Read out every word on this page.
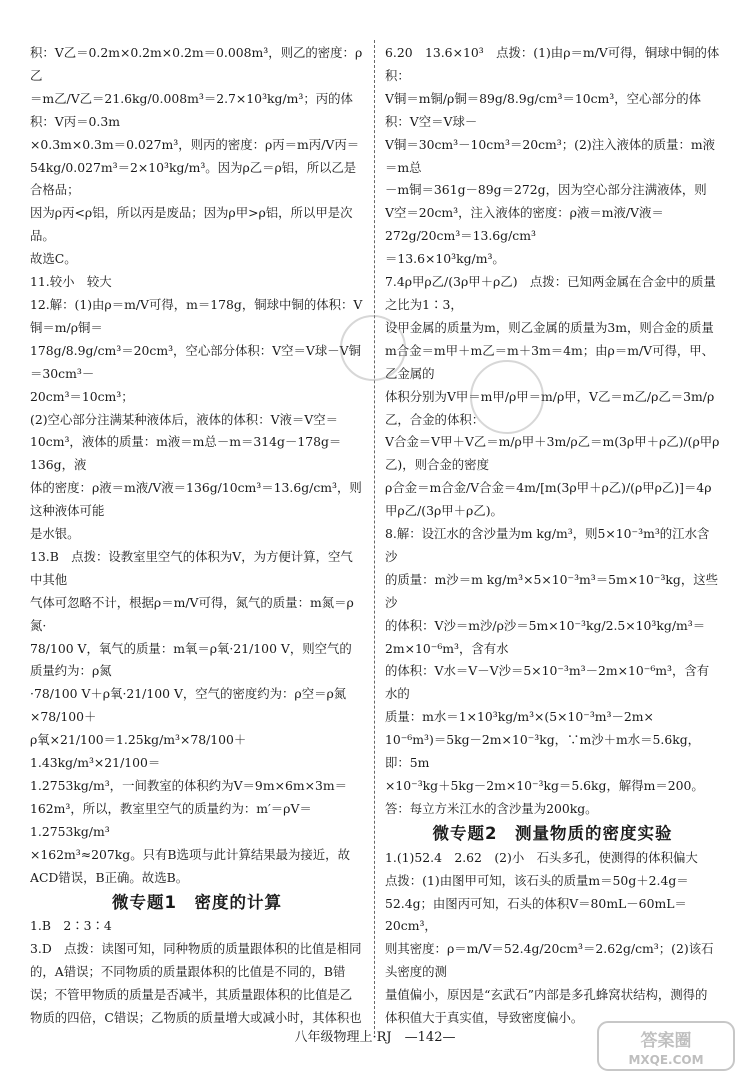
积：V乙＝0.2m×0.2m×0.2m＝0.008m³，则乙的密度：ρ乙
＝m乙/V乙＝21.6kg/0.008m³＝2.7×10³kg/m³；丙的体积：V丙＝0.3m
×0.3m×0.3m＝0.027m³，则丙的密度：ρ丙＝m丙/V丙＝
54kg/0.027m³＝2×10³kg/m³。因为ρ乙＝ρ铝，所以乙是合格品；
因为ρ丙<ρ铝，所以丙是废品；因为ρ甲>ρ铝，所以甲是次品。
故选C。
11.较小　较大
12.解：(1)由ρ＝m/V可得，m＝178g，铜球中铜的体积：V铜＝m/ρ铜＝
178g/8.9g/cm³＝20cm³，空心部分体积：V空＝V球－V铜＝30cm³－
20cm³＝10cm³；
(2)空心部分注满某种液体后，液体的体积：V液＝V空＝
10cm³，液体的质量：m液＝m总－m＝314g－178g＝136g，液
体的密度：ρ液＝m液/V液＝136g/10cm³＝13.6g/cm³，则这种液体可能
是水银。
13.B　点拨：设教室里空气的体积为V，为方便计算，空气中其他
气体可忽略不计，根据ρ＝m/V可得，氮气的质量：m氮＝ρ氮·
78/100 V，氧气的质量：m氧＝ρ氧·21/100 V，则空气的质量约为：ρ氮
·78/100 V＋ρ氧·21/100 V，空气的密度约为：ρ空＝ρ氮×78/100＋
ρ氧×21/100＝1.25kg/m³×78/100＋1.43kg/m³×21/100＝
1.2753kg/m³，一间教室的体积约为V＝9m×6m×3m＝
162m³，所以，教室里空气的质量约为：m′＝ρV＝1.2753kg/m³
×162m³≈207kg。只有B选项与此计算结果最为接近，故
ACD错误，B正确。故选B。
微专题1　密度的计算
1.B　2∶3∶4
3.D　点拨：读图可知，同种物质的质量跟体积的比值是相同
的，A错误；不同物质的质量跟体积的比值是不同的，B错
误；不管甲物质的质量是否减半，其质量跟体积的比值是乙
物质的四倍，C错误；乙物质的质量增大或减小时，其体积也
6.20　13.6×10³　点拨：(1)由ρ＝m/V可得，铜球中铜的体积：
V铜＝m铜/ρ铜＝89g/8.9g/cm³＝10cm³，空心部分的体积：V空＝V球－
V铜＝30cm³－10cm³＝20cm³；(2)注入液体的质量：m液＝m总
－m铜＝361g－89g＝272g，因为空心部分注满液体，则
V空＝20cm³，注入液体的密度：ρ液＝m液/V液＝272g/20cm³＝13.6g/cm³
＝13.6×10³kg/m³。
7.4ρ甲ρ乙/(3ρ甲＋ρ乙)　点拨：已知两金属在合金中的质量之比为1∶3，
设甲金属的质量为m，则乙金属的质量为3m，则合金的质量
m合金＝m甲＋m乙＝m＋3m＝4m；由ρ＝m/V可得，甲、乙金属的
体积分别为V甲＝m甲/ρ甲＝m/ρ甲，V乙＝m乙/ρ乙＝3m/ρ乙，合金的体积：
V合金＝V甲＋V乙＝m/ρ甲＋3m/ρ乙＝m(3ρ甲＋ρ乙)/(ρ甲ρ乙)，则合金的密度
ρ合金＝m合金/V合金＝4m/[m(3ρ甲＋ρ乙)/(ρ甲ρ乙)]＝4ρ甲ρ乙/(3ρ甲＋ρ乙)。
8.解：设江水的含沙量为m kg/m³，则5×10⁻³m³的江水含沙
的质量：m沙＝m kg/m³×5×10⁻³m³＝5m×10⁻³kg，这些沙
的体积：V沙＝m沙/ρ沙＝5m×10⁻³kg/2.5×10³kg/m³＝2m×10⁻⁶m³，含有水
的体积：V水＝V－V沙＝5×10⁻³m³－2m×10⁻⁶m³，含有水的
质量：m水＝1×10³kg/m³×(5×10⁻³m³－2m×
10⁻⁶m³)＝5kg－2m×10⁻³kg，∵m沙＋m水＝5.6kg，即：5m
×10⁻³kg＋5kg－2m×10⁻³kg＝5.6kg，解得m＝200。
答：每立方米江水的含沙量为200kg。
微专题2　测量物质的密度实验
1.(1)52.4　2.62　(2)小　石头多孔，使测得的体积偏大
点拨：(1)由图甲可知，该石头的质量m＝50g＋2.4g＝
52.4g；由图丙可知，石头的体积V＝80mL－60mL＝20cm³，
则其密度：ρ＝m/V＝52.4g/20cm³＝2.62g/cm³；(2)该石头密度的测
量值偏小，原因是“玄武石”内部是多孔蜂窝状结构，测得的
体积值大于真实值，导致密度偏小。
八年级物理上·RJ　—142—	答案圈
MXQE.COM
